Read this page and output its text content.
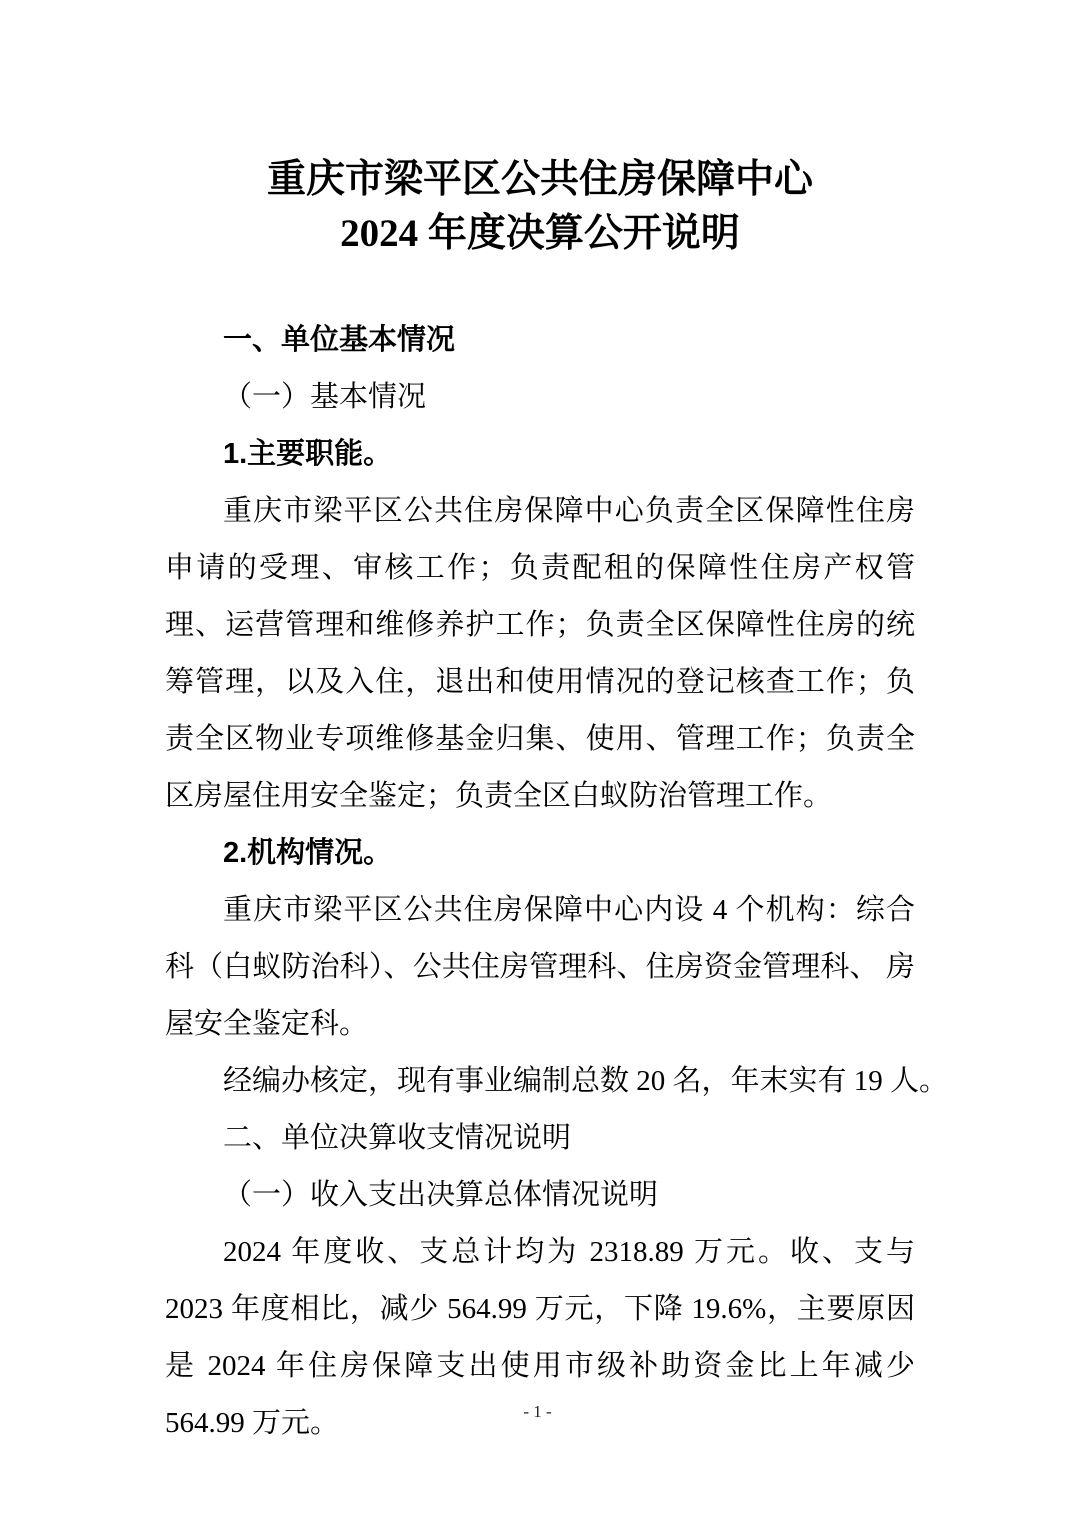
重庆市梁平区公共住房保障中心
2024 年度决算公开说明

一、单位基本情况

（一）基本情况

1.主要职能。

重庆市梁平区公共住房保障中心负责全区保障性住房申请的受理、审核工作；负责配租的保障性住房产权管理、运营管理和维修养护工作；负责全区保障性住房的统筹管理，以及入住，退出和使用情况的登记核查工作；负责全区物业专项维修基金归集、使用、管理工作；负责全区房屋住用安全鉴定；负责全区白蚁防治管理工作。

2.机构情况。

重庆市梁平区公共住房保障中心内设 4 个机构：综合科（白蚁防治科）、公共住房管理科、住房资金管理科、 房屋安全鉴定科。

经编办核定，现有事业编制总数 20 名，年末实有 19 人。

二、单位决算收支情况说明

（一）收入支出决算总体情况说明

2024 年度收、支总计均为 2318.89 万元。收、支与 2023 年度相比，减少 564.99 万元，下降 19.6%，主要原因是 2024 年住房保障支出使用市级补助资金比上年减少 564.99 万元。	- 1 -
